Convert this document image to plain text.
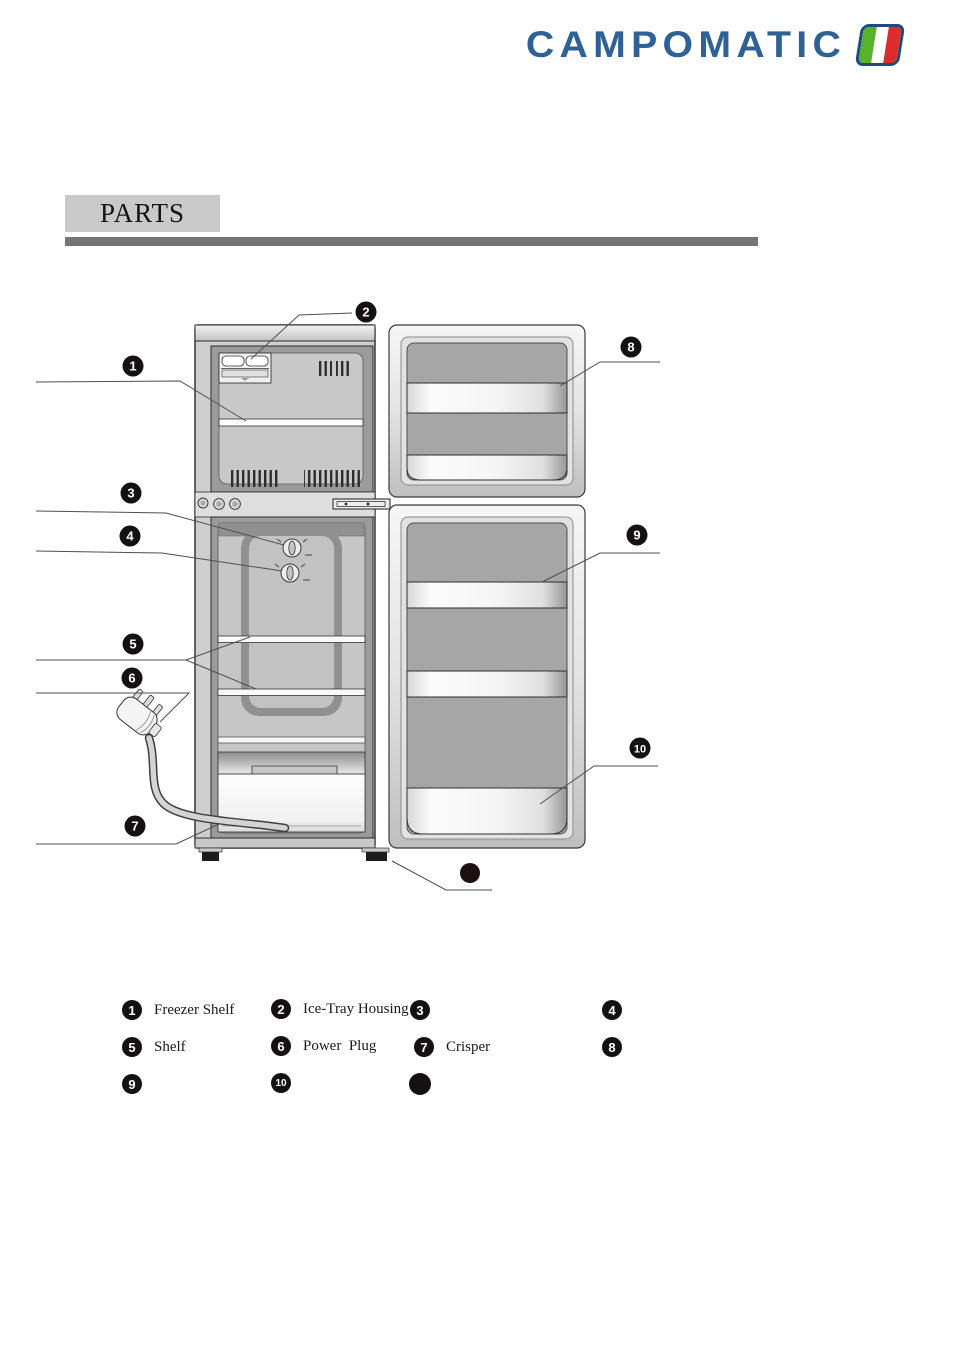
CAMPOMATIC
PARTS
1
2
3
4
5
6
7
8
9
10
1	Freezer Shelf	2	Ice-Tray Housing 3	4
5	Shelf	6	Power  Plug	7	Crisper	8
9	10
